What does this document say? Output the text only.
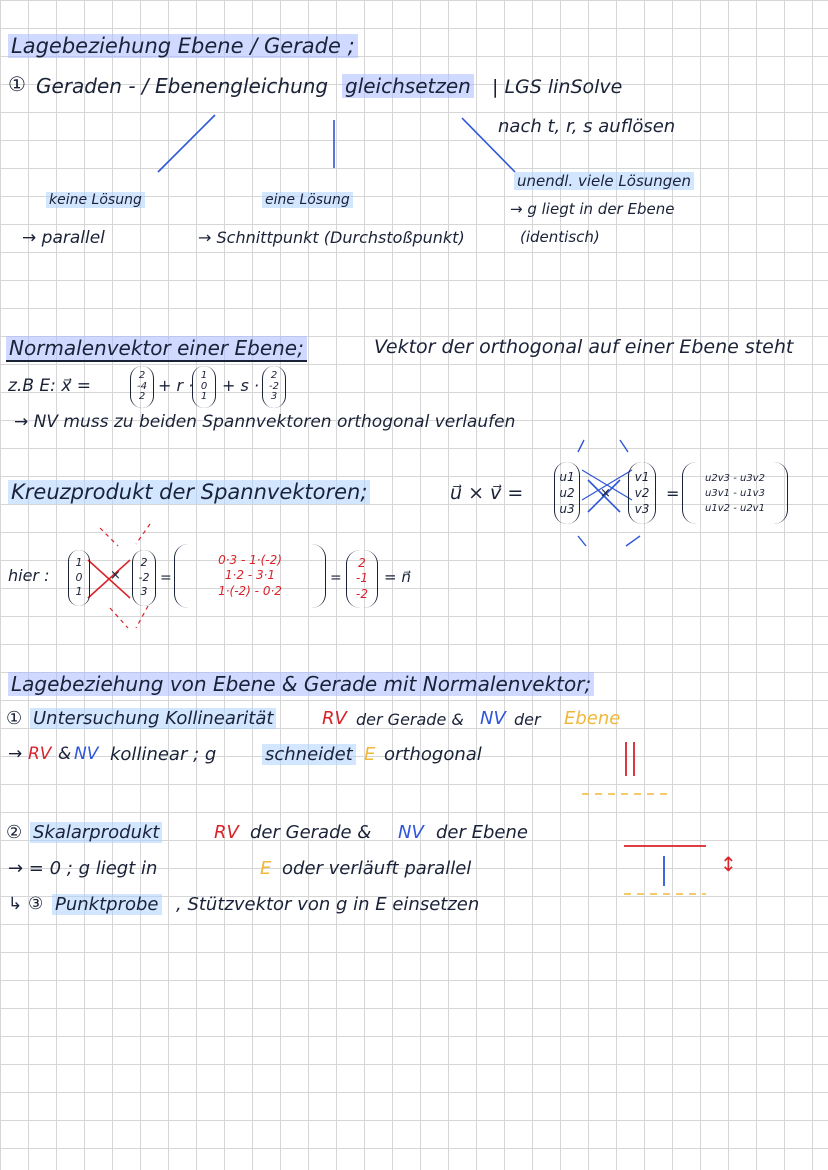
Lagebeziehung Ebene / Gerade ;
① Geraden - / Ebenengleichung gleichsetzen | LGS linSolve
nach t, r, s auflösen
keine Lösung
→ parallel
eine Lösung
→ Schnittpunkt (Durchstoßpunkt)
unendl. viele Lösungen
→ g liegt in der Ebene
(identisch)
Normalenvektor einer Ebene;	Vektor der orthogonal auf einer Ebene steht
z.B E: x⃗ =
2
-4
2
+ r ·
1
0
1
+ s ·
2
-2
3
→ NV muss zu beiden Spannvektoren orthogonal verlaufen
Kreuzprodukt der Spannvektoren;	u⃗ × v⃗ =
u1
u2
u3
×
v1
v2
v3
=
u2v3 - u3v2
u3v1 - u1v3
u1v2 - u2v1
hier :
1
0
1
×
2
-2
3
=
0·3 - 1·(-2)
1·2 - 3·1
1·(-2) - 0·2
=
2
-1
-2
= n⃗
Lagebeziehung von Ebene & Gerade mit Normalenvektor;
① Untersuchung Kollinearität	RV der Gerade & NV der Ebene
→ RV & NV kollinear ; g	schneidet E orthogonal
② Skalarprodukt	RV der Gerade & NV der Ebene
→ = 0 ; g liegt in	E oder verläuft parallel
↳ ③ Punktprobe , Stützvektor von g in E einsetzen
↕
